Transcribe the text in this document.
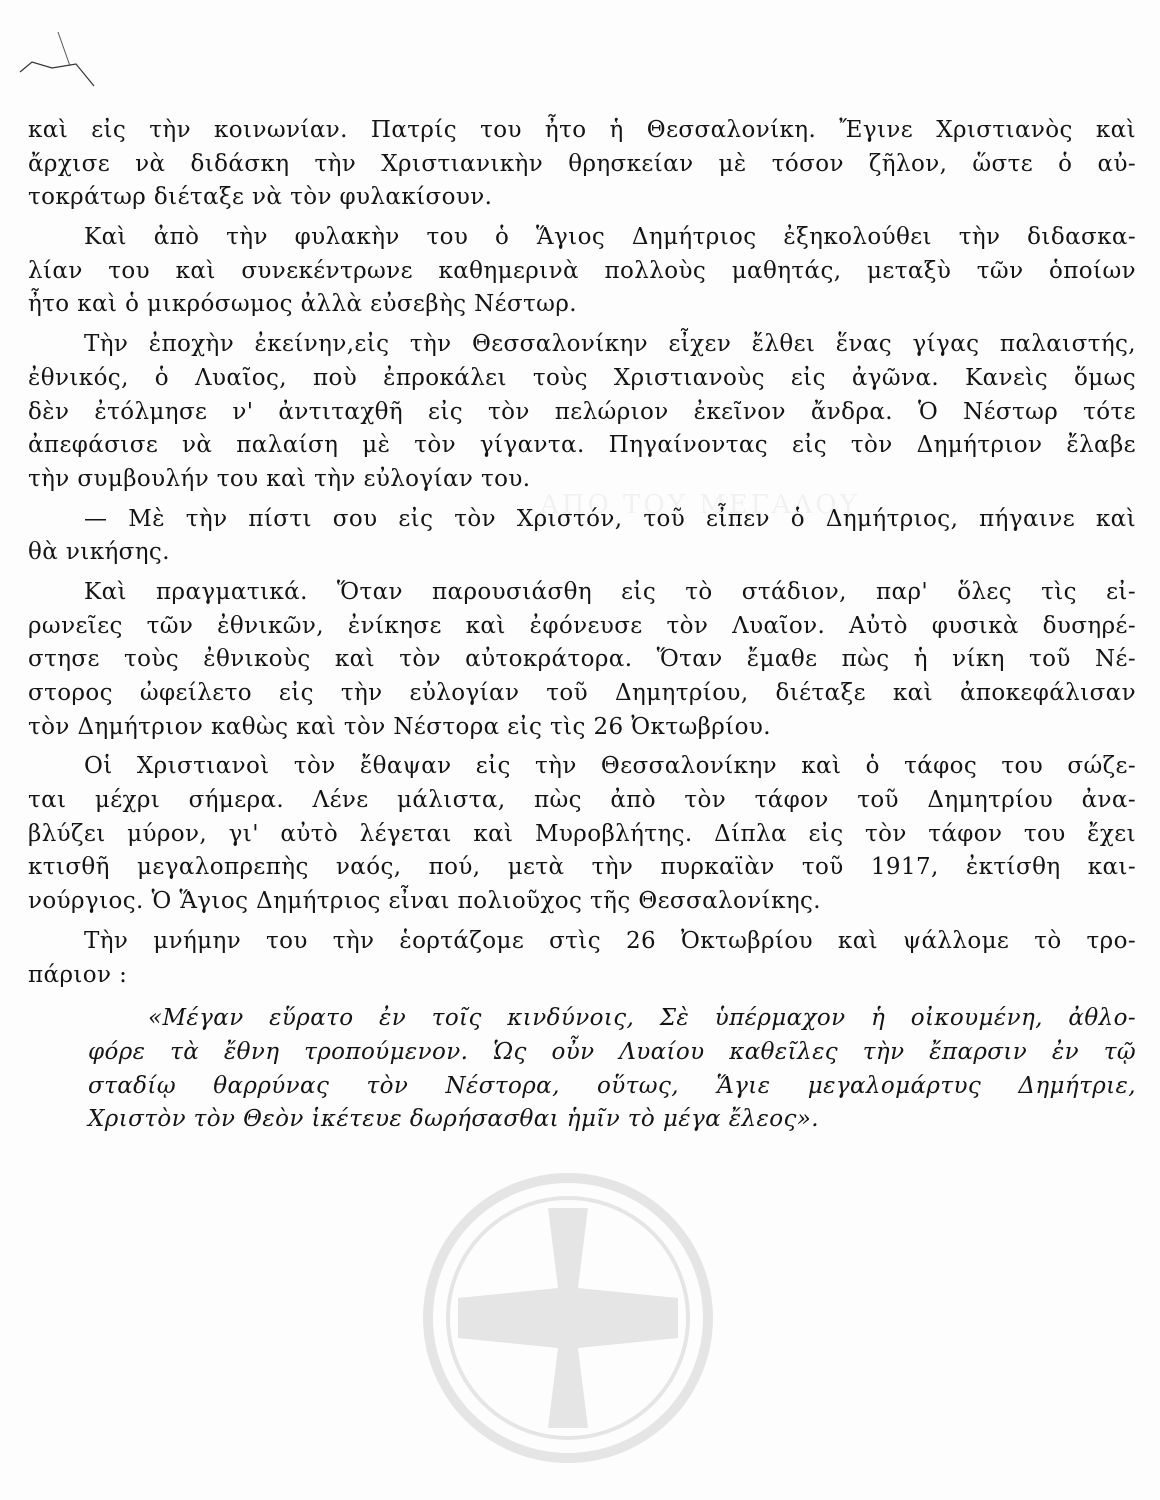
καὶ εἰς τὴν κοινωνίαν. Πατρίς του ἦτο ἡ Θεσσαλονίκη. Ἔγινε Χριστιανὸς καὶ
ἄρχισε νὰ διδάσκη τὴν Χριστιανικὴν θρησκείαν μὲ τόσον ζῆλον, ὥστε ὁ αὐ-
τοκράτωρ διέταξε νὰ τὸν φυλακίσουν.
Καὶ ἀπὸ τὴν φυλακὴν του ὁ Ἅγιος Δημήτριος ἐξηκολούθει τὴν διδασκα-
λίαν του καὶ συνεκέντρωνε καθημερινὰ πολλοὺς μαθητάς, μεταξὺ τῶν ὁποίων
ἦτο καὶ ὁ μικρόσωμος ἀλλὰ εὐσεβὴς Νέστωρ.
Τὴν ἐποχὴν ἐκείνην,εἰς τὴν Θεσσαλονίκην εἶχεν ἔλθει ἕνας γίγας παλαιστής,
ἐθνικός, ὁ Λυαῖος, ποὺ ἐπροκάλει τοὺς Χριστιανοὺς εἰς ἀγῶνα. Κανεὶς ὅμως
δὲν ἐτόλμησε ν' ἀντιταχθῆ εἰς τὸν πελώριον ἐκεῖνον ἄνδρα. Ὁ Νέστωρ τότε
ἀπεφάσισε νὰ παλαίση μὲ τὸν γίγαντα. Πηγαίνοντας εἰς τὸν Δημήτριον ἔλαβε
τὴν συμβουλήν του καὶ τὴν εὐλογίαν του.
— Μὲ τὴν πίστι σου εἰς τὸν Χριστόν, τοῦ εἶπεν ὁ Δημήτριος, πήγαινε καὶ
θὰ νικήσης.
Καὶ πραγματικά. Ὅταν παρουσιάσθη εἰς τὸ στάδιον, παρ' ὅλες τὶς εἰ-
ρωνεῖες τῶν ἐθνικῶν, ἐνίκησε καὶ ἐφόνευσε τὸν Λυαῖον. Αὐτὸ φυσικὰ δυσηρέ-
στησε τοὺς ἐθνικοὺς καὶ τὸν αὐτοκράτορα. Ὅταν ἔμαθε πὼς ἡ νίκη τοῦ Νέ-
στορος ὠφείλετο εἰς τὴν εὐλογίαν τοῦ Δημητρίου, διέταξε καὶ ἀποκεφάλισαν
τὸν Δημήτριον καθὼς καὶ τὸν Νέστορα εἰς τὶς 26 Ὀκτωβρίου.
Οἱ Χριστιανοὶ τὸν ἔθαψαν εἰς τὴν Θεσσαλονίκην καὶ ὁ τάφος του σώζε-
ται μέχρι σήμερα. Λένε μάλιστα, πὼς ἀπὸ τὸν τάφον τοῦ Δημητρίου ἀνα-
βλύζει μύρον, γι' αὐτὸ λέγεται καὶ Μυροβλήτης. Δίπλα εἰς τὸν τάφον του ἔχει
κτισθῆ μεγαλοπρεπὴς ναός, πού, μετὰ τὴν πυρκαϊὰν τοῦ 1917, ἐκτίσθη και-
νούργιος. Ὁ Ἅγιος Δημήτριος εἶναι πολιοῦχος τῆς Θεσσαλονίκης.
Τὴν μνήμην του τὴν ἑορτάζομε στὶς 26 Ὀκτωβρίου καὶ ψάλλομε τὸ τρο-
πάριον :
«Μέγαν εὕρατο ἐν τοῖς κινδύνοις, Σὲ ὑπέρμαχον ἡ οἰκουμένη, ἀθλο-
φόρε τὰ ἔθνη τροπούμενον. Ὡς οὖν Λυαίου καθεῖλες τὴν ἔπαρσιν ἐν τῷ
σταδίῳ θαρρύνας τὸν Νέστορα, οὕτως, Ἅγιε μεγαλομάρτυς Δημήτριε,
Χριστὸν τὸν Θεὸν ἱκέτευε δωρήσασθαι ἡμῖν τὸ μέγα ἔλεος».
